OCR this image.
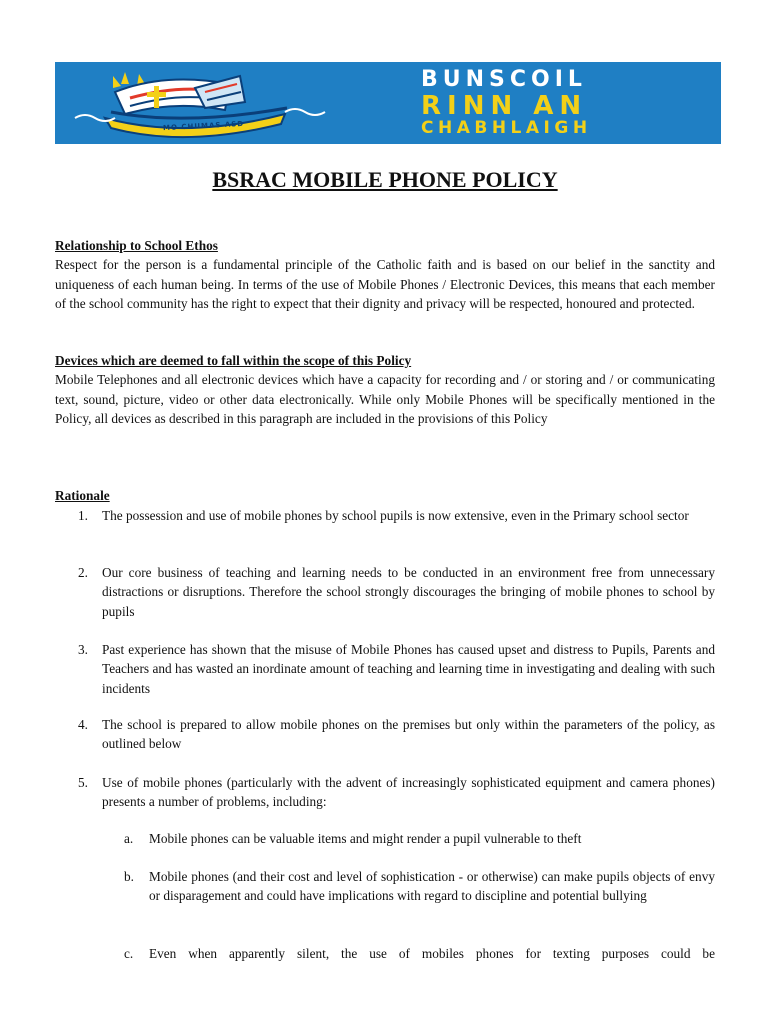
MO CHUMAS ASD
BUNSCOIL
RINN AN
CHABHLAIGH
BSRAC MOBILE PHONE POLICY
Relationship to School Ethos
Respect for the person is a fundamental principle of the Catholic faith and is based on our belief in the sanctity and uniqueness of each human being. In terms of the use of Mobile Phones / Electronic Devices, this means that each member of the school community has the right to expect that their dignity and privacy will be respected, honoured and protected.
Devices which are deemed to fall within the scope of this Policy
Mobile Telephones and all electronic devices which have a capacity for recording and / or storing and / or communicating text, sound, picture, video or other data electronically. While only Mobile Phones will be specifically mentioned in the Policy, all devices as described in this paragraph are included in the provisions of this Policy
Rationale
1. The possession and use of mobile phones by school pupils is now extensive, even in the Primary school sector
2. Our core business of teaching and learning needs to be conducted in an environment free from unnecessary distractions or disruptions. Therefore the school strongly discourages the bringing of mobile phones to school by pupils
3. Past experience has shown that the misuse of Mobile Phones has caused upset and distress to Pupils, Parents and Teachers and has wasted an inordinate amount of teaching and learning time in investigating and dealing with such incidents
4. The school is prepared to allow mobile phones on the premises but only within the parameters of the policy, as outlined below
5. Use of mobile phones (particularly with the advent of increasingly sophisticated equipment and camera phones) presents a number of problems, including:
a. Mobile phones can be valuable items and might render a pupil vulnerable to theft
b. Mobile phones (and their cost and level of sophistication - or otherwise) can make pupils objects of envy or disparagement and could have implications with regard to discipline and potential bullying
c. Even when apparently silent, the use of mobiles phones for texting purposes could be
